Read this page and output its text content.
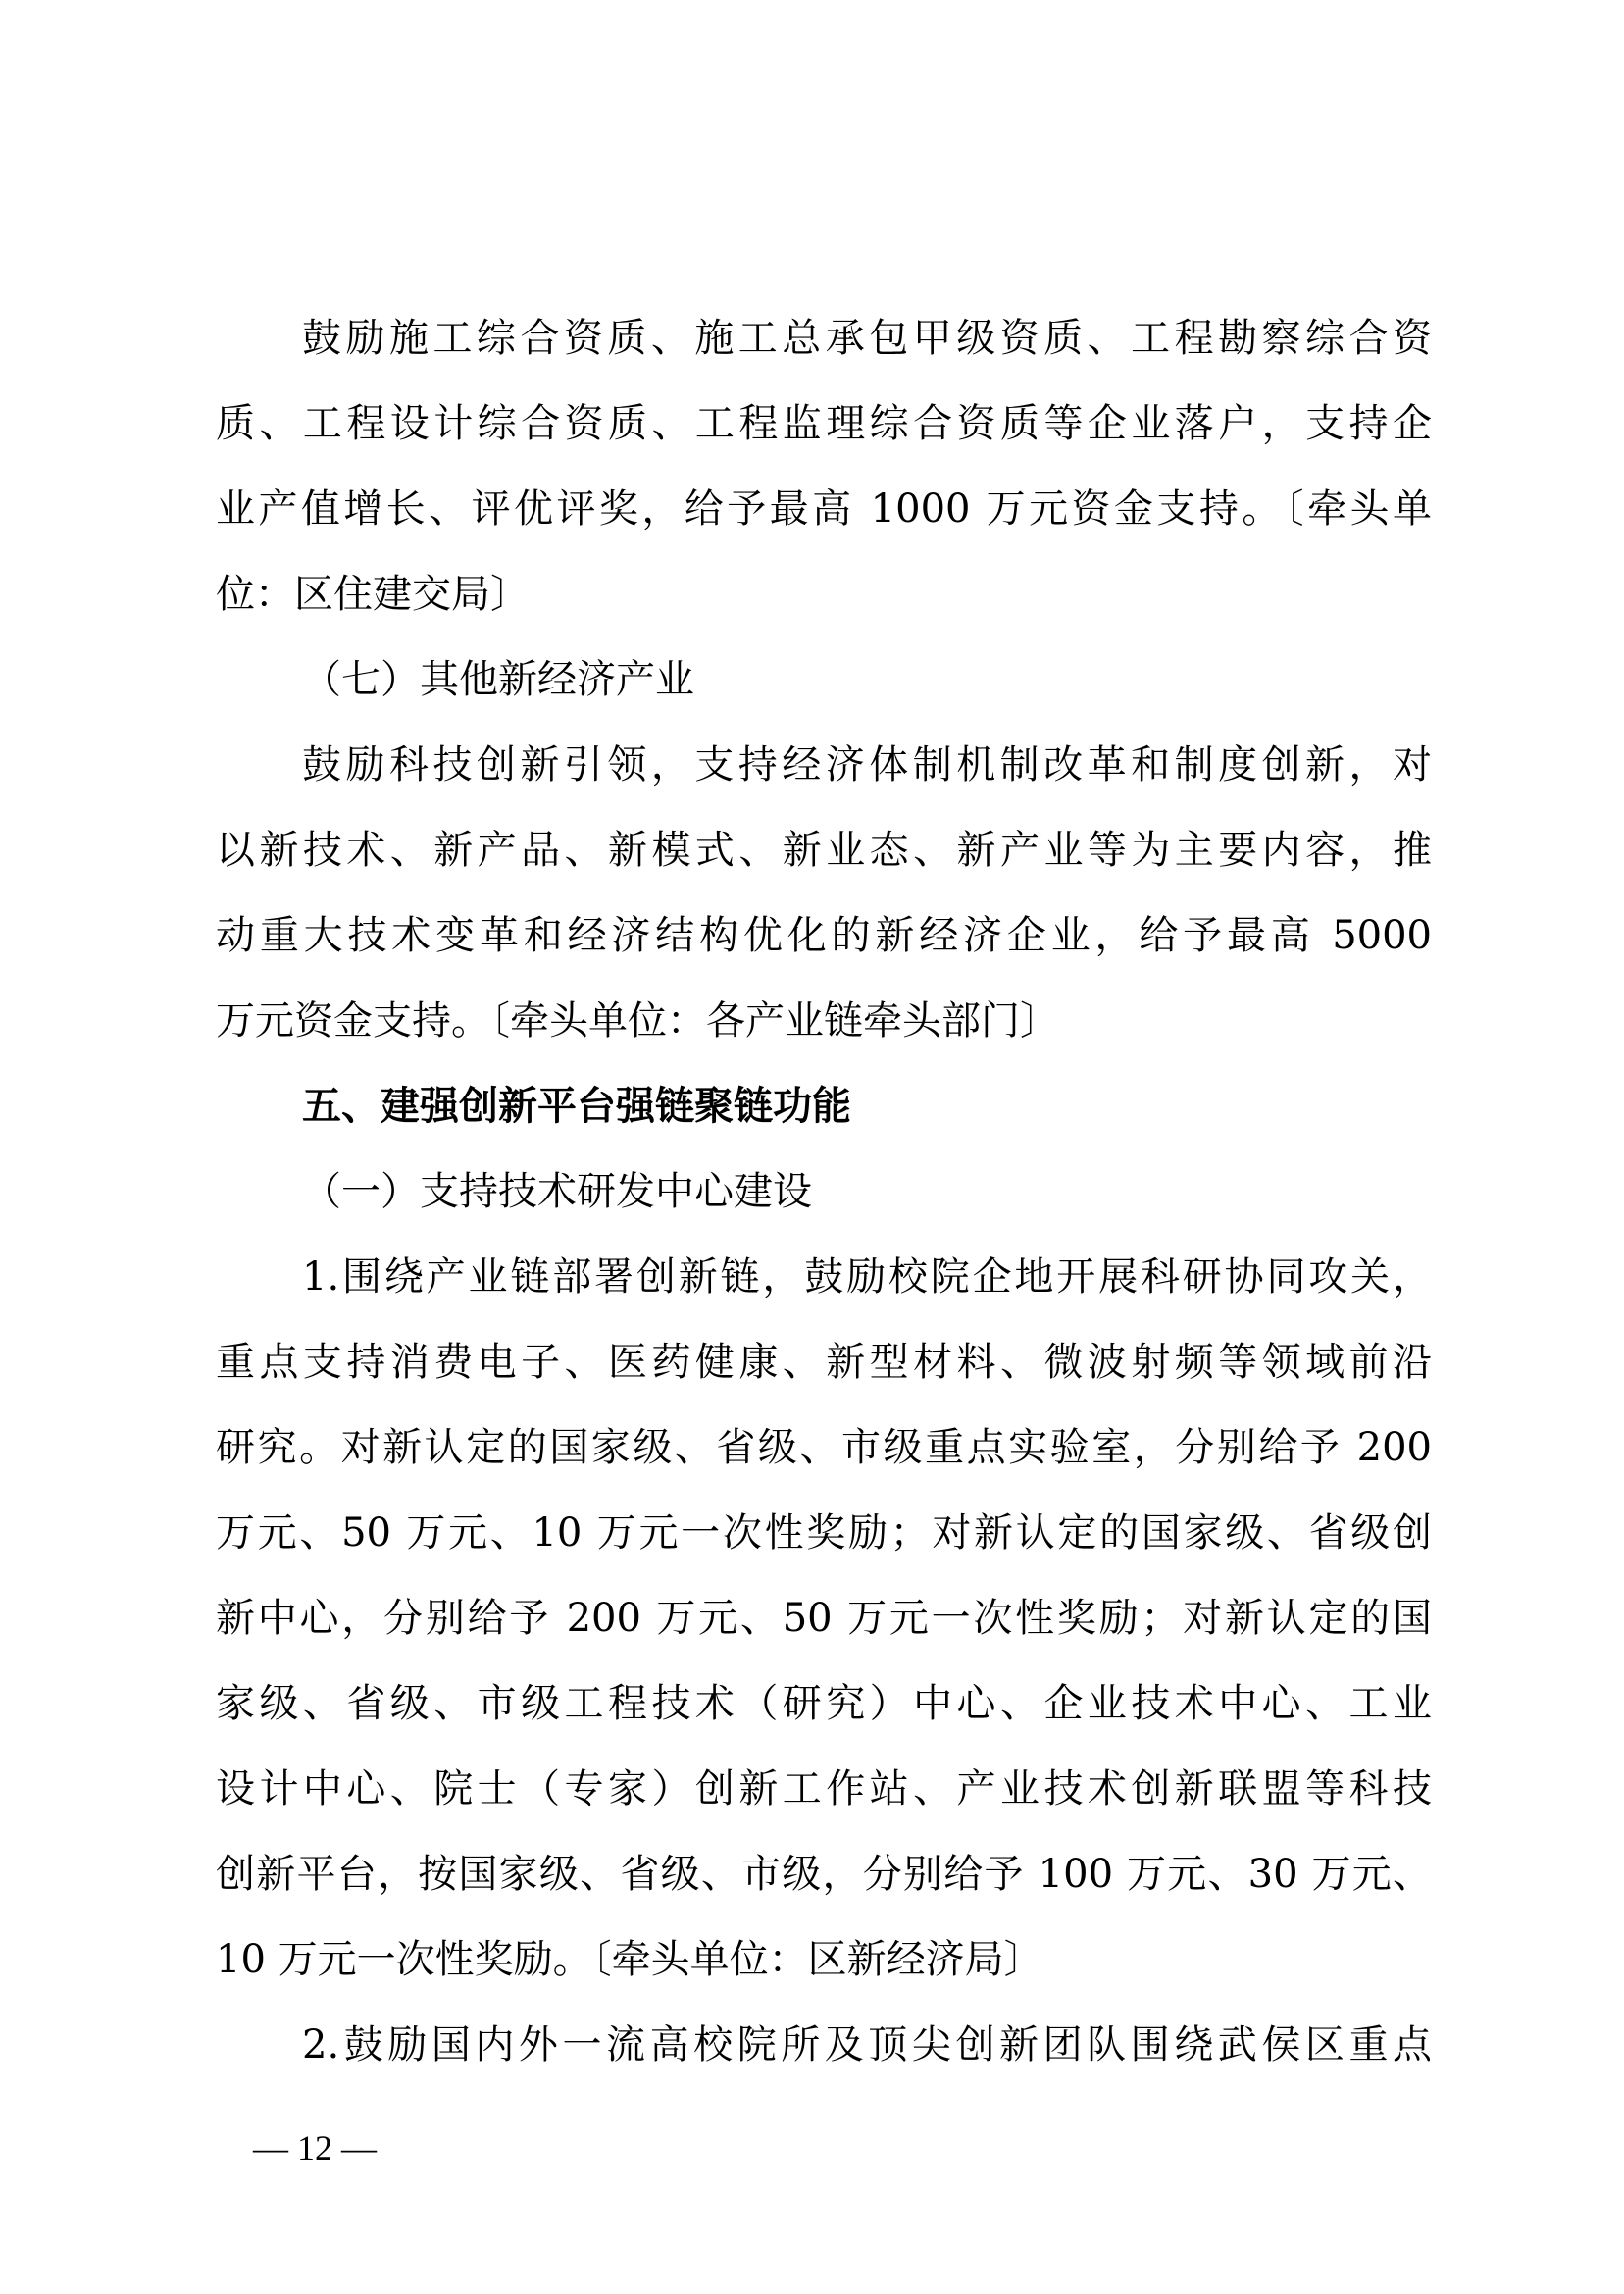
鼓励施工综合资质、施工总承包甲级资质、工程勘察综合资
质、工程设计综合资质、工程监理综合资质等企业落户，支持企
业产值增长、评优评奖，给予最高 1000 万元资金支持。〔牵头单
位：区住建交局〕
（七）其他新经济产业
鼓励科技创新引领，支持经济体制机制改革和制度创新，对
以新技术、新产品、新模式、新业态、新产业等为主要内容，推
动重大技术变革和经济结构优化的新经济企业，给予最高 5000
万元资金支持。〔牵头单位：各产业链牵头部门〕
五、建强创新平台强链聚链功能
（一）支持技术研发中心建设
1.围绕产业链部署创新链，鼓励校院企地开展科研协同攻关，
重点支持消费电子、医药健康、新型材料、微波射频等领域前沿
研究。对新认定的国家级、省级、市级重点实验室，分别给予 200
万元、50 万元、10 万元一次性奖励；对新认定的国家级、省级创
新中心，分别给予 200 万元、50 万元一次性奖励；对新认定的国
家级、省级、市级工程技术（研究）中心、企业技术中心、工业
设计中心、院士（专家）创新工作站、产业技术创新联盟等科技
创新平台，按国家级、省级、市级，分别给予 100 万元、30 万元、
10 万元一次性奖励。〔牵头单位：区新经济局〕
2.鼓励国内外一流高校院所及顶尖创新团队围绕武侯区重点
— 12 —
